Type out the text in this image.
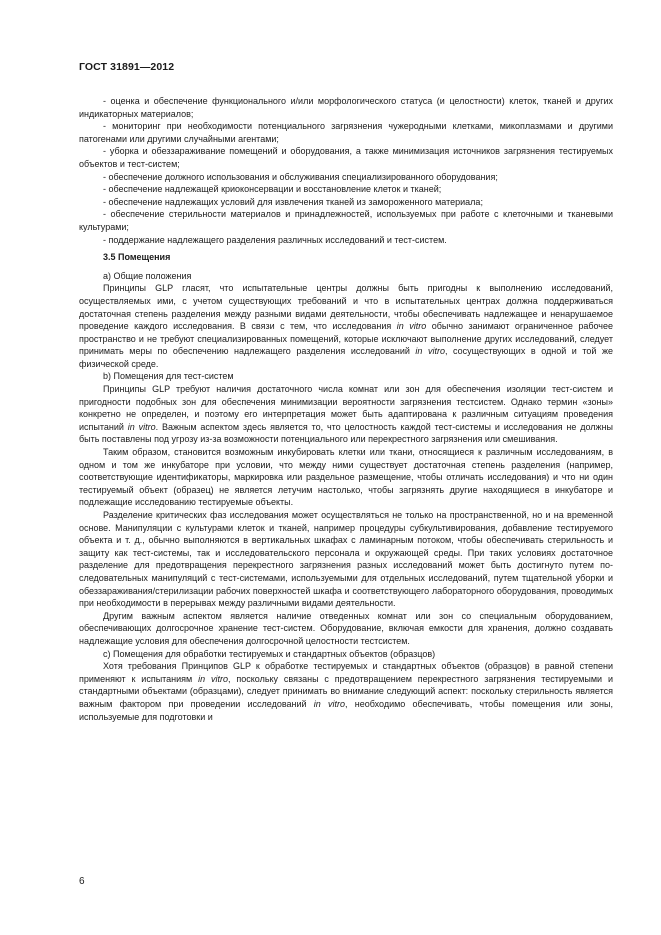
ГОСТ 31891—2012

- оценка и обеспечение функционального и/или морфологического статуса (и целостности) клеток, тканей и других индикаторных материалов;

- мониторинг при необходимости потенциального загрязнения чужеродными клетками, микоплазмами и другими патогенами или другими случайными агентами;

- уборка и обеззараживание помещений и оборудования, а также минимизация источников загрязнения тестируемых объектов и тест-систем;

- обеспечение должного использования и обслуживания специализированного оборудования;

- обеспечение надлежащей криоконсервации и восстановление клеток и тканей;

- обеспечение надлежащих условий для извлечения тканей из замороженного материала;

- обеспечение стерильности материалов и принадлежностей, используемых при работе с клеточными и тканевыми культурами;

- поддержание надлежащего разделения различных исследований и тест-систем.

3.5 Помещения

a) Общие положения

Принципы GLP гласят, что испытательные центры должны быть пригодны к выполнению исследований, осуществляемых ими, с учетом существующих требований и что в испытательных центрах должна поддерживаться достаточная степень разделения между разными видами деятельности, чтобы обеспечивать надлежащее и ненарушаемое проведение каждого исследования. В связи с тем, что исследования in vitro обычно занимают ограниченное рабочее пространство и не требуют специализированных помещений, которые исключают выполнение других исследований, следует принимать меры по обеспечению надлежащего разделения исследований in vitro, сосуществующих в одной и той же физической среде.

b) Помещения для тест-систем

Принципы GLP требуют наличия достаточного числа комнат или зон для обеспечения изоляции тест-систем и пригодности подобных зон для обеспечения минимизации вероятности загрязнения тестсистем. Однако термин «зоны» конкретно не определен, и поэтому его интерпретация может быть адаптирована к различным ситуациям проведения испытаний in vitro. Важным аспектом здесь является то, что целостность каждой тест-системы и исследования не должны быть поставлены под угрозу из-за возможности потенциального или перекрестного загрязнения или смешивания.

Таким образом, становится возможным инкубировать клетки или ткани, относящиеся к различным исследованиям, в одном и том же инкубаторе при условии, что между ними существует достаточная степень разделения (например, соответствующие идентификаторы, маркировка или раздельное размещение, чтобы отличать исследования) и что ни один тестируемый объект (образец) не является летучим настолько, чтобы загрязнять другие находящиеся в инкубаторе и подлежащие исследованию тестируемые объекты.

Разделение критических фаз исследования может осуществляться не только на пространственной, но и на временной основе. Манипуляции с культурами клеток и тканей, например процедуры субкультивирования, добавление тестируемого объекта и т. д., обычно выполняются в вертикальных шкафах с ламинарным потоком, чтобы обеспечивать стерильность и защиту как тест-системы, так и исследовательского персонала и окружающей среды. При таких условиях достаточное разделение для предотвращения перекрестного загрязнения разных исследований может быть достигнуто путем последовательных манипуляций с тест-системами, используемыми для отдельных исследований, путем тщательной уборки и обеззараживания/стерилизации рабочих поверхностей шкафа и соответствующего лабораторного оборудования, проводимых при необходимости в перерывах между различными видами деятельности.

Другим важным аспектом является наличие отведенных комнат или зон со специальным оборудованием, обеспечивающих долгосрочное хранение тест-систем. Оборудование, включая емкости для хранения, должно создавать надлежащие условия для обеспечения долгосрочной целостности тестсистем.

c) Помещения для обработки тестируемых и стандартных объектов (образцов)

Хотя требования Принципов GLP к обработке тестируемых и стандартных объектов (образцов) в равной степени применяют к испытаниям in vitro, поскольку связаны с предотвращением перекрестного загрязнения тестируемыми и стандартными объектами (образцами), следует принимать во внимание следующий аспект: поскольку стерильность является важным фактором при проведении исследований in vitro, необходимо обеспечивать, чтобы помещения или зоны, используемые для подготовки и

6
